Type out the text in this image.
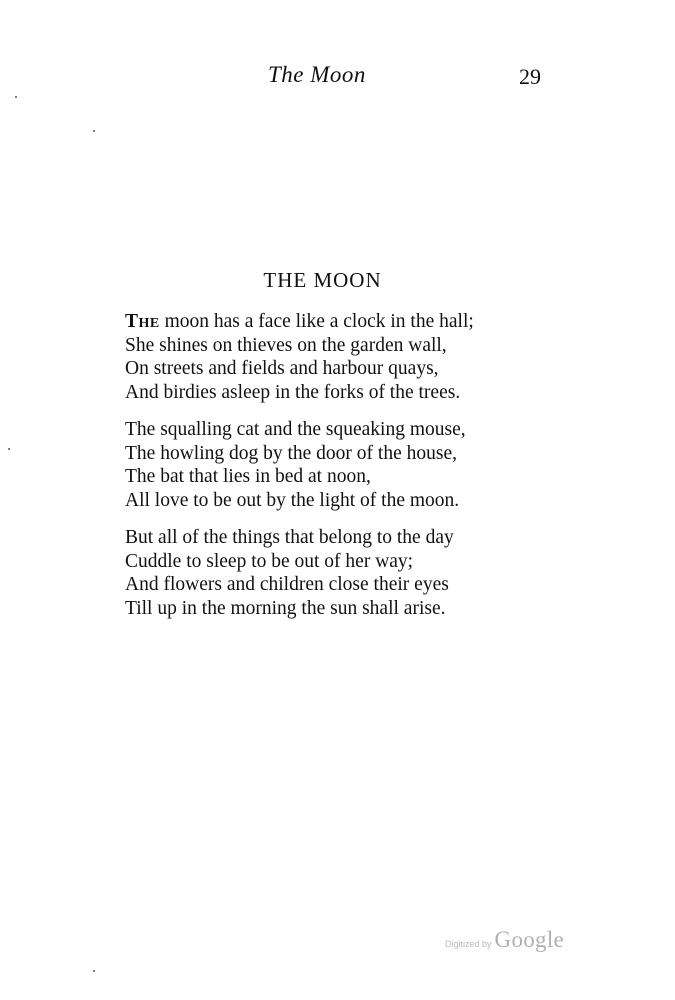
The Moon	29
THE MOON
The moon has a face like a clock in the hall;
She shines on thieves on the garden wall,
On streets and fields and harbour quays,
And birdies asleep in the forks of the trees.
The squalling cat and the squeaking mouse,
The howling dog by the door of the house,
The bat that lies in bed at noon,
All love to be out by the light of the moon.
But all of the things that belong to the day
Cuddle to sleep to be out of her way;
And flowers and children close their eyes
Till up in the morning the sun shall arise.
Digitized by Google
